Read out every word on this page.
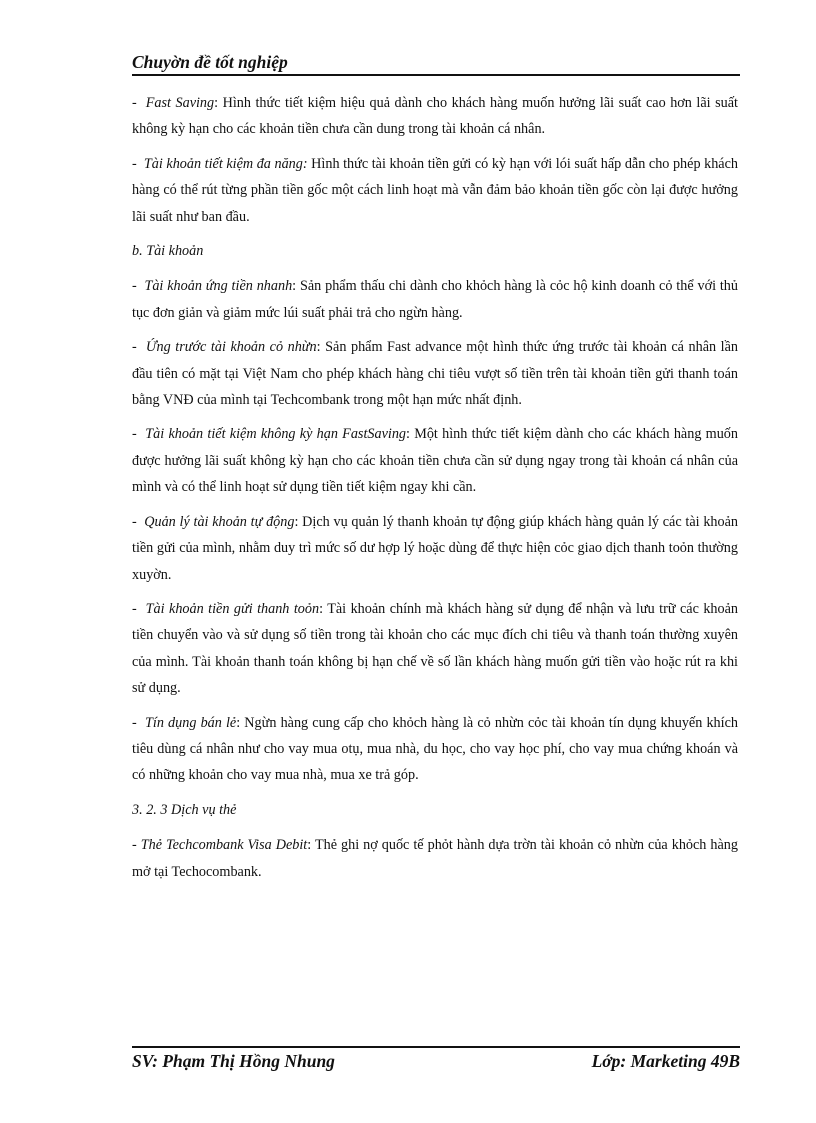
Chuyờn đề tốt nghiệp

-  Fast Saving: Hình thức tiết kiệm hiệu quả dành cho khách hàng muốn hưởng lãi suất cao hơn lãi suất không kỳ hạn cho các khoản tiền chưa cần dung trong tài khoản cá nhân.

-  Tài khoản tiết kiệm đa năng: Hình thức tài khoản tiền gửi có kỳ hạn với lói suất hấp dẫn cho phép khách hàng có thể rút từng phần tiền gốc một cách linh hoạt mà vẫn đảm bảo khoản tiền gốc còn lại được hưởng lãi suất như ban đầu.

b. Tài khoản

-  Tài khoản ứng tiền nhanh: Sản phẩm thấu chi dành cho khỏch hàng là cỏc hộ kinh doanh cỏ thể với thủ tục đơn giản và giảm mức lúi suất phải trả cho ngừn hàng.

-  Ứng trước tài khoản cỏ nhừn: Sản phẩm Fast advance một hình thức ứng trước tài khoản cá nhân lần đầu tiên có mặt tại Việt Nam cho phép khách hàng chi tiêu vượt số tiền trên tài khoản tiền gửi thanh toán bằng VNĐ của mình tại Techcombank trong một hạn mức nhất định.

-  Tài khoản tiết kiệm không kỳ hạn FastSaving: Một hình thức tiết kiệm dành cho các khách hàng muốn được hưởng lãi suất không kỳ hạn cho các khoản tiền chưa cần sử dụng ngay trong tài khoản cá nhân của mình và có thể linh hoạt sử dụng tiền tiết kiệm ngay khi cần.

-  Quản lý tài khoản tự động: Dịch vụ quản lý thanh khoản tự động giúp khách hàng quản lý các tài khoản tiền gửi của mình, nhằm duy trì mức số dư hợp lý hoặc dùng để thực hiện cỏc giao dịch thanh toỏn thường xuyờn.

-  Tài khoản tiền gửi thanh toỏn: Tài khoản chính mà khách hàng sử dụng để nhận và lưu trữ các khoản tiền chuyển vào và sử dụng số tiền trong tài khoản cho các mục đích chi tiêu và thanh toán thường xuyên của mình. Tài khoản thanh toán không bị hạn chế về số lần khách hàng muốn gửi tiền vào hoặc rút ra khi sử dụng.

-  Tín dụng bán lẻ: Ngừn hàng cung cấp cho khỏch hàng là cỏ nhừn cỏc tài khoản tín dụng khuyến khích tiêu dùng cá nhân như cho vay mua otụ, mua nhà, du học, cho vay học phí, cho vay mua chứng khoán và có những khoản cho vay mua nhà, mua xe trả góp.

3. 2. 3 Dịch vụ thẻ

- Thẻ Techcombank Visa Debit: Thẻ ghi nợ quốc tế phỏt hành dựa trờn tài khoản cỏ nhừn của khỏch hàng mở tại Techocombank.

SV: Phạm Thị Hồng Nhung	Lớp: Marketing 49B
